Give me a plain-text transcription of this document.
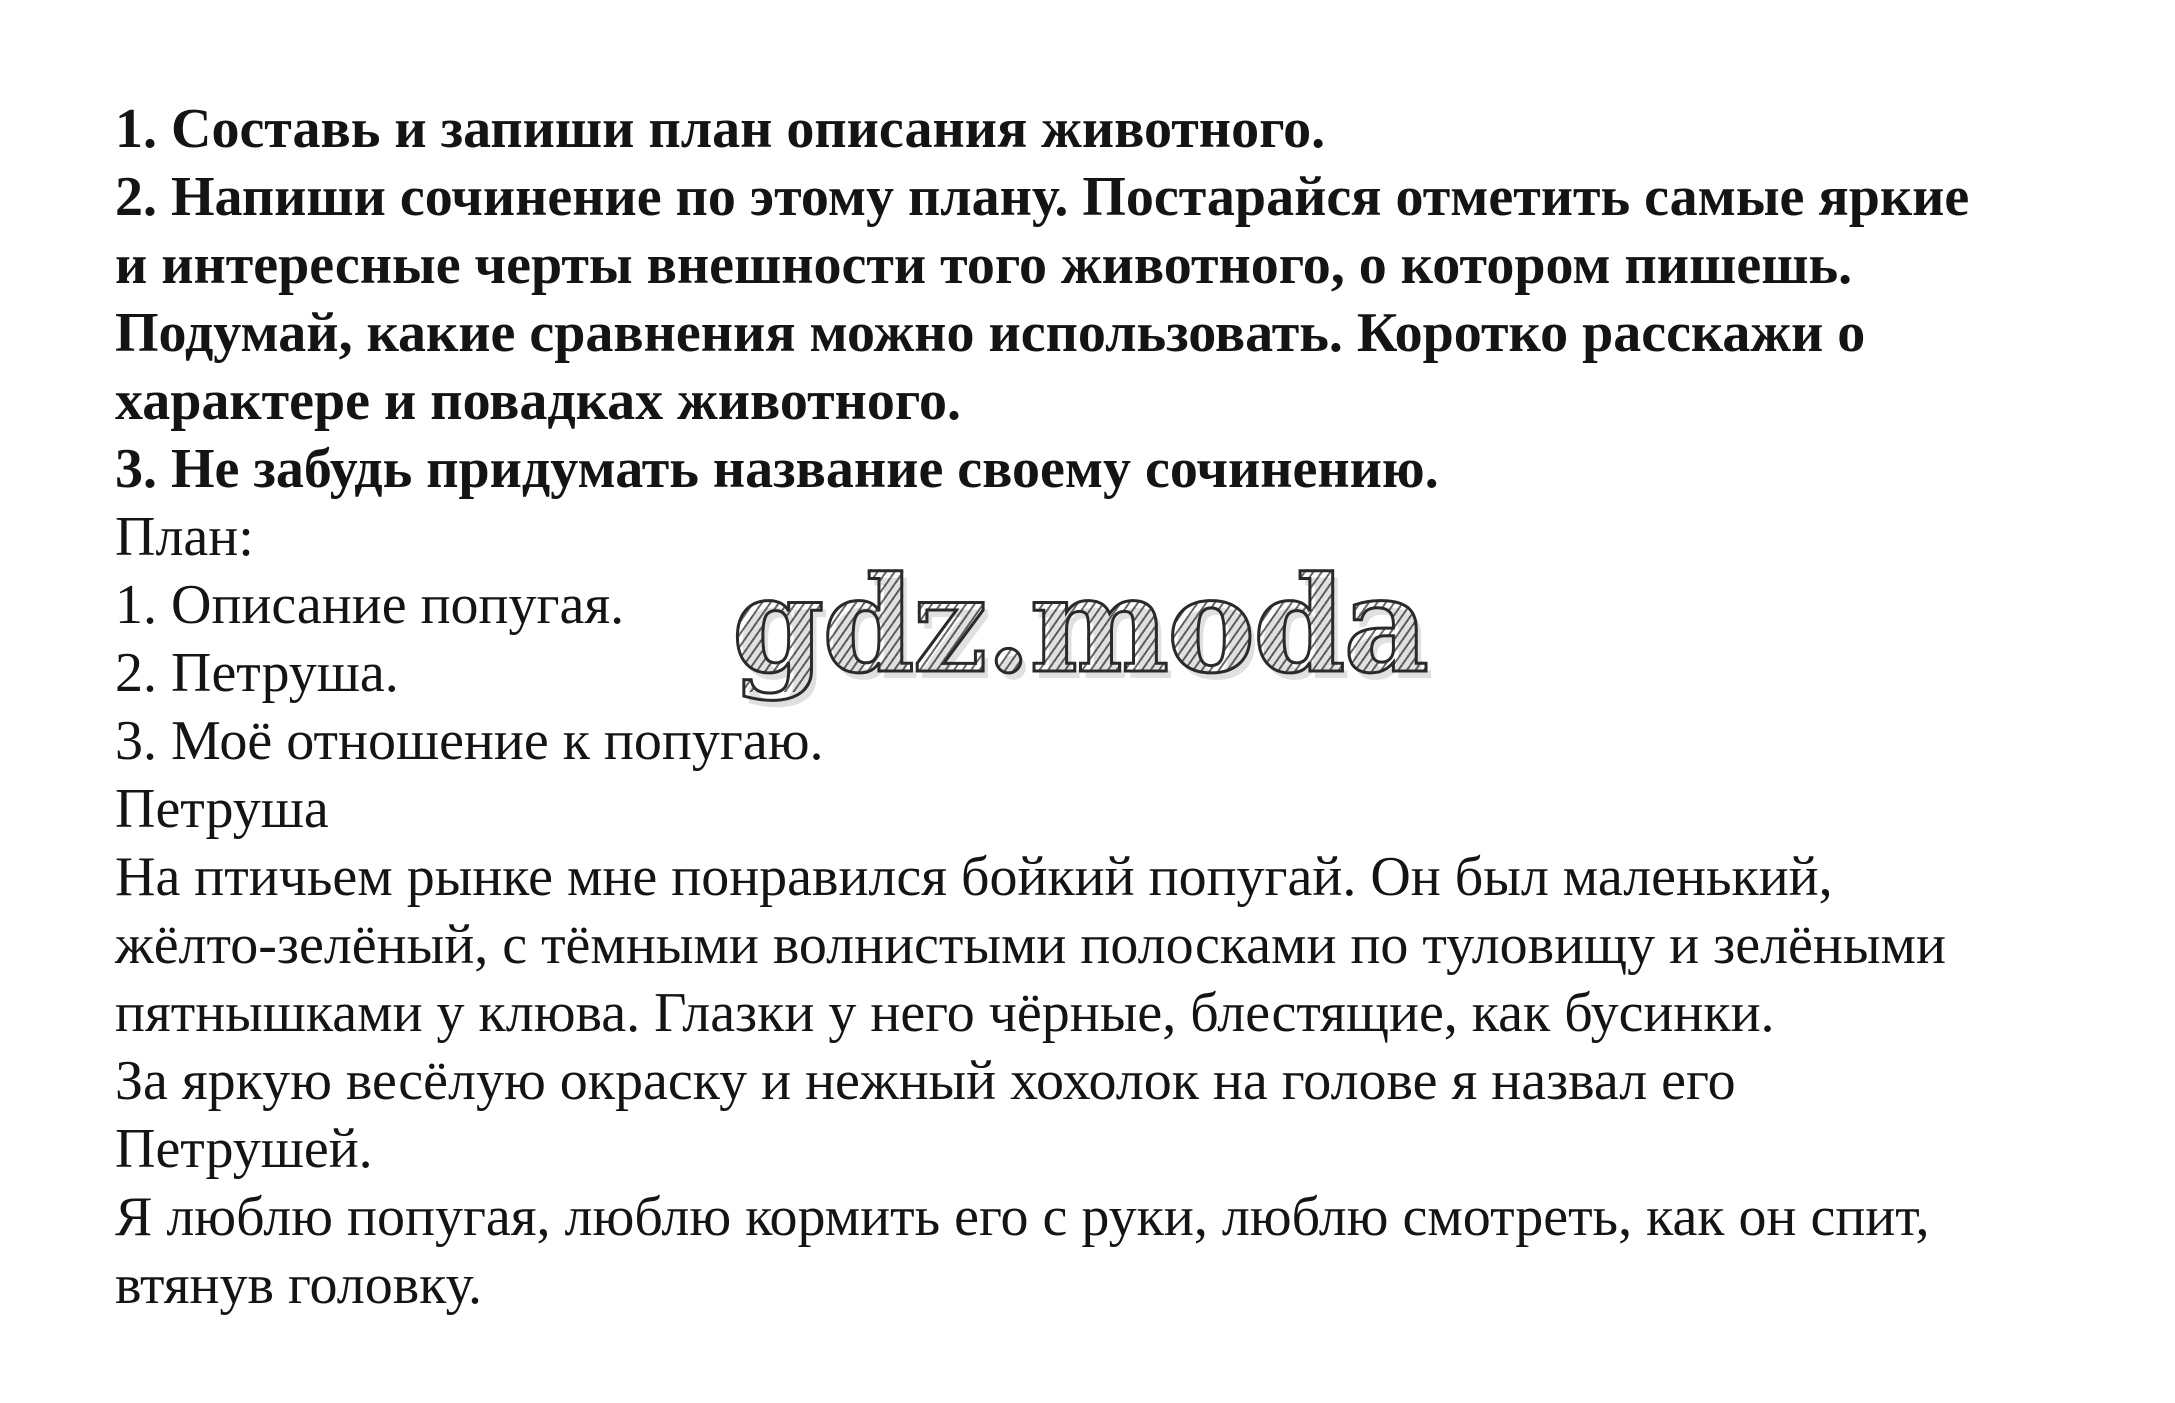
1. Составь и запиши план описания животного.

2. Напиши сочинение по этому плану. Постарайся отметить самые яркие

и интересные черты внешности того животного, о котором пишешь.

Подумай, какие сравнения можно использовать. Коротко расскажи о

характере и повадках животного.

3. Не забудь придумать название своему сочинению.

План:

1. Описание попугая.

2. Петруша.

3. Моё отношение к попугаю.

Петруша

На птичьем рынке мне понравился бойкий попугай. Он был маленький,

жёлто-зелёный, с тёмными волнистыми полосками по туловищу и зелёными

пятнышками у клюва. Глазки у него чёрные, блестящие, как бусинки.

За яркую весёлую окраску и нежный хохолок на голове я назвал его

Петрушей.

Я люблю попугая, люблю кормить его с руки, люблю смотреть, как он спит,

втянув головку.

gdz.moda
